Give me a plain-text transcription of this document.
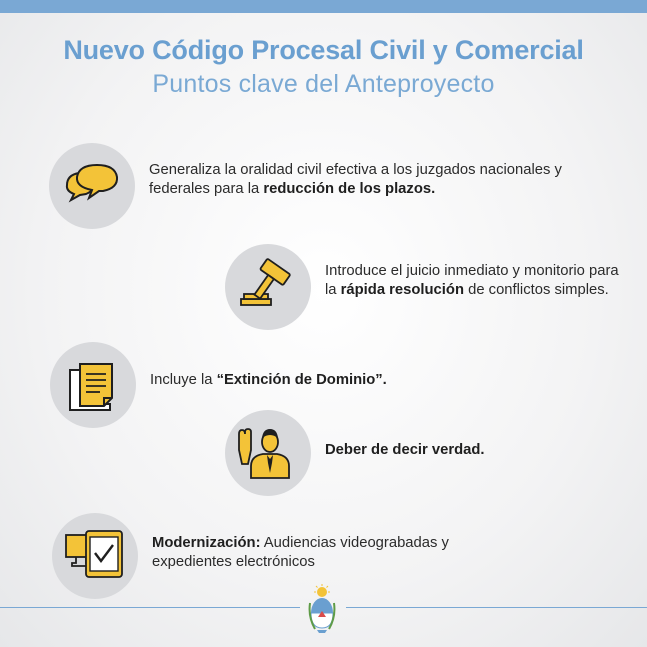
Nuevo Código Procesal Civil y Comercial
Puntos clave del Anteproyecto
Generaliza la oralidad civil efectiva a los juzgados nacionales y federales para la reducción de los plazos.
Introduce el juicio inmediato y monitorio para la rápida resolución de conflictos simples.
Incluye la “Extinción de Dominio”.
Deber de decir verdad.
Modernización: Audiencias videograbadas y expedientes electrónicos
